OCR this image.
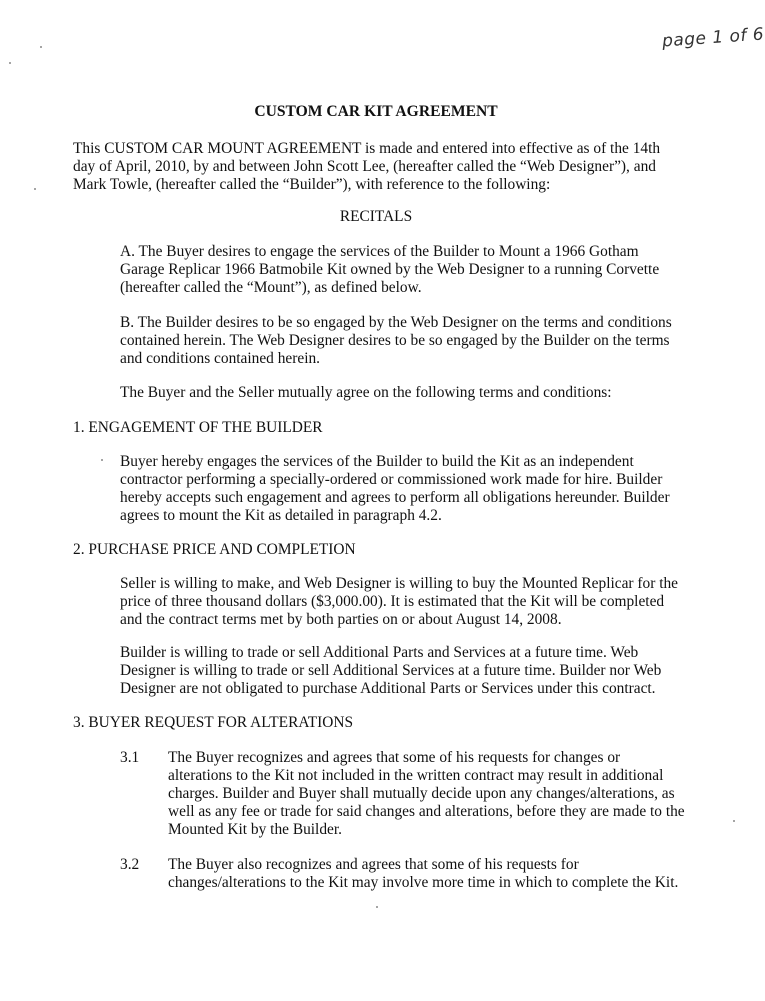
page 1 of 6
CUSTOM CAR KIT AGREEMENT

This CUSTOM CAR MOUNT AGREEMENT is made and entered into effective as of the 14th day of April, 2010, by and between John Scott Lee, (hereafter called the “Web Designer”), and Mark Towle, (hereafter called the “Builder”), with reference to the following:

RECITALS

A. The Buyer desires to engage the services of the Builder to Mount a 1966 Gotham Garage Replicar 1966 Batmobile Kit owned by the Web Designer to a running Corvette (hereafter called the “Mount”), as defined below.

B. The Builder desires to be so engaged by the Web Designer on the terms and conditions contained herein. The Web Designer desires to be so engaged by the Builder on the terms and conditions contained herein.

The Buyer and the Seller mutually agree on the following terms and conditions:

1. ENGAGEMENT OF THE BUILDER

Buyer hereby engages the services of the Builder to build the Kit as an independent contractor performing a specially-ordered or commissioned work made for hire. Builder hereby accepts such engagement and agrees to perform all obligations hereunder. Builder agrees to mount the Kit as detailed in paragraph 4.2.

2. PURCHASE PRICE AND COMPLETION

Seller is willing to make, and Web Designer is willing to buy the Mounted Replicar for the price of three thousand dollars ($3,000.00). It is estimated that the Kit will be completed and the contract terms met by both parties on or about August 14, 2008.

Builder is willing to trade or sell Additional Parts and Services at a future time. Web Designer is willing to trade or sell Additional Services at a future time. Builder nor Web Designer are not obligated to purchase Additional Parts or Services under this contract.

3. BUYER REQUEST FOR ALTERATIONS
3.1 The Buyer recognizes and agrees that some of his requests for changes or alterations to the Kit not included in the written contract may result in additional charges. Builder and Buyer shall mutually decide upon any changes/alterations, as well as any fee or trade for said changes and alterations, before they are made to the Mounted Kit by the Builder.

3.2 The Buyer also recognizes and agrees that some of his requests for changes/alterations to the Kit may involve more time in which to complete the Kit.
